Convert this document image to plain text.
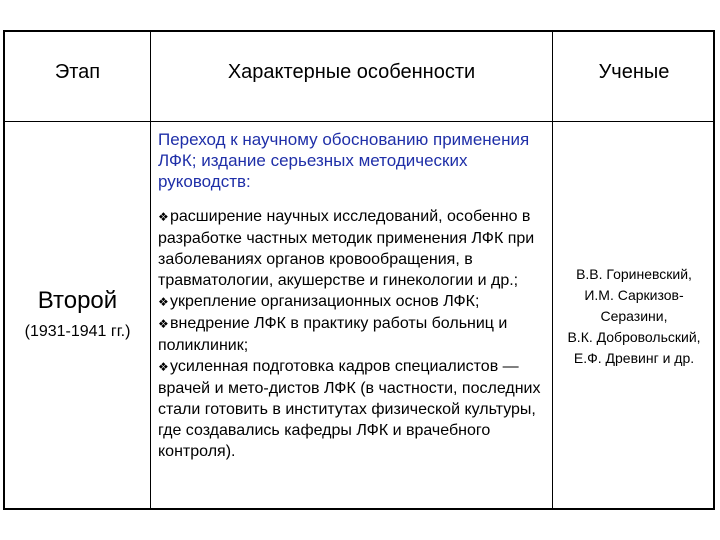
Этап	Характерные особенности	Ученые
Второй
(1931-1941 гг.)

Переход к научному обоснованию применения ЛФК; издание серьезных методических руководств:

❖расширение научных исследований, особенно в разработке частных методик применения ЛФК при заболеваниях органов кровообращения, в травматологии, акушерстве и гинекологии и др.;
❖укрепление организационных основ ЛФК;
❖внедрение ЛФК в практику работы больниц и поликлиник;
❖усиленная подготовка кадров специалистов — врачей и мето-дистов ЛФК (в частности, последних стали готовить в институтах физической культуры, где создавались кафедры ЛФК и врачебного контроля).
В.В. Гориневский,
И.М. Саркизов-
Серазини,
В.К. Добровольский,
Е.Ф. Древинг и др.
